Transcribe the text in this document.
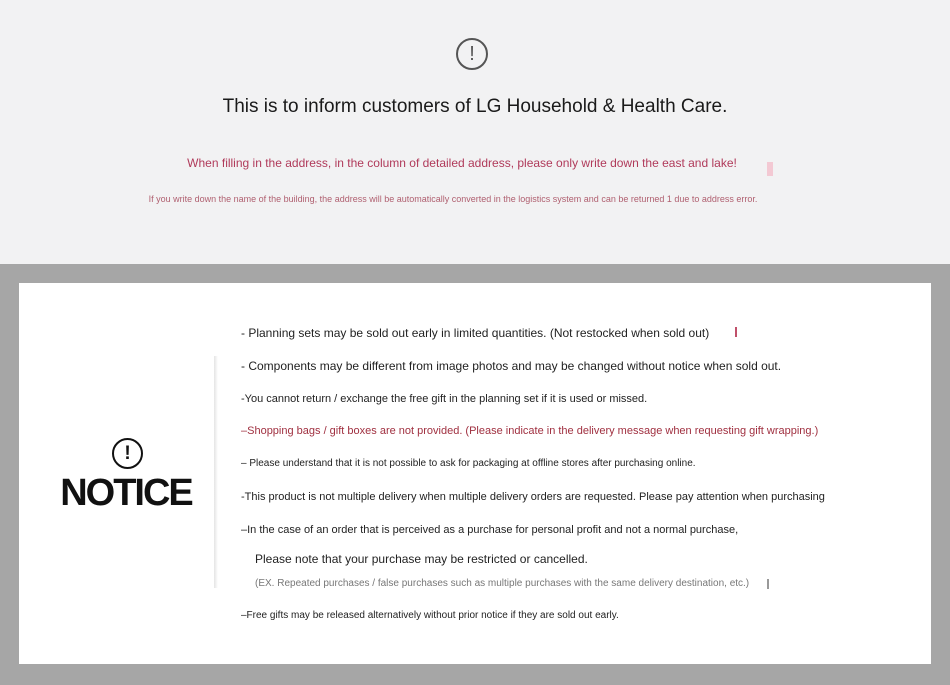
!
This is to inform customers of LG Household & Health Care.
When filling in the address, in the column of detailed address, please only write down the east and lake!
If you write down the name of the building, the address will be automatically converted in the logistics system and can be returned 1 due to address error.
!
NOTICE
- Planning sets may be sold out early in limited quantities. (Not restocked when sold out)
- Components may be different from image photos and may be changed without notice when sold out.
-You cannot return / exchange the free gift in the planning set if it is used or missed.
–Shopping bags / gift boxes are not provided. (Please indicate in the delivery message when requesting gift wrapping.)
– Please understand that it is not possible to ask for packaging at offline stores after purchasing online.
-This product is not multiple delivery when multiple delivery orders are requested. Please pay attention when purchasing
–In the case of an order that is perceived as a purchase for personal profit and not a normal purchase,
Please note that your purchase may be restricted or cancelled.
(EX. Repeated purchases / false purchases such as multiple purchases with the same delivery destination, etc.)
–Free gifts may be released alternatively without prior notice if they are sold out early.
